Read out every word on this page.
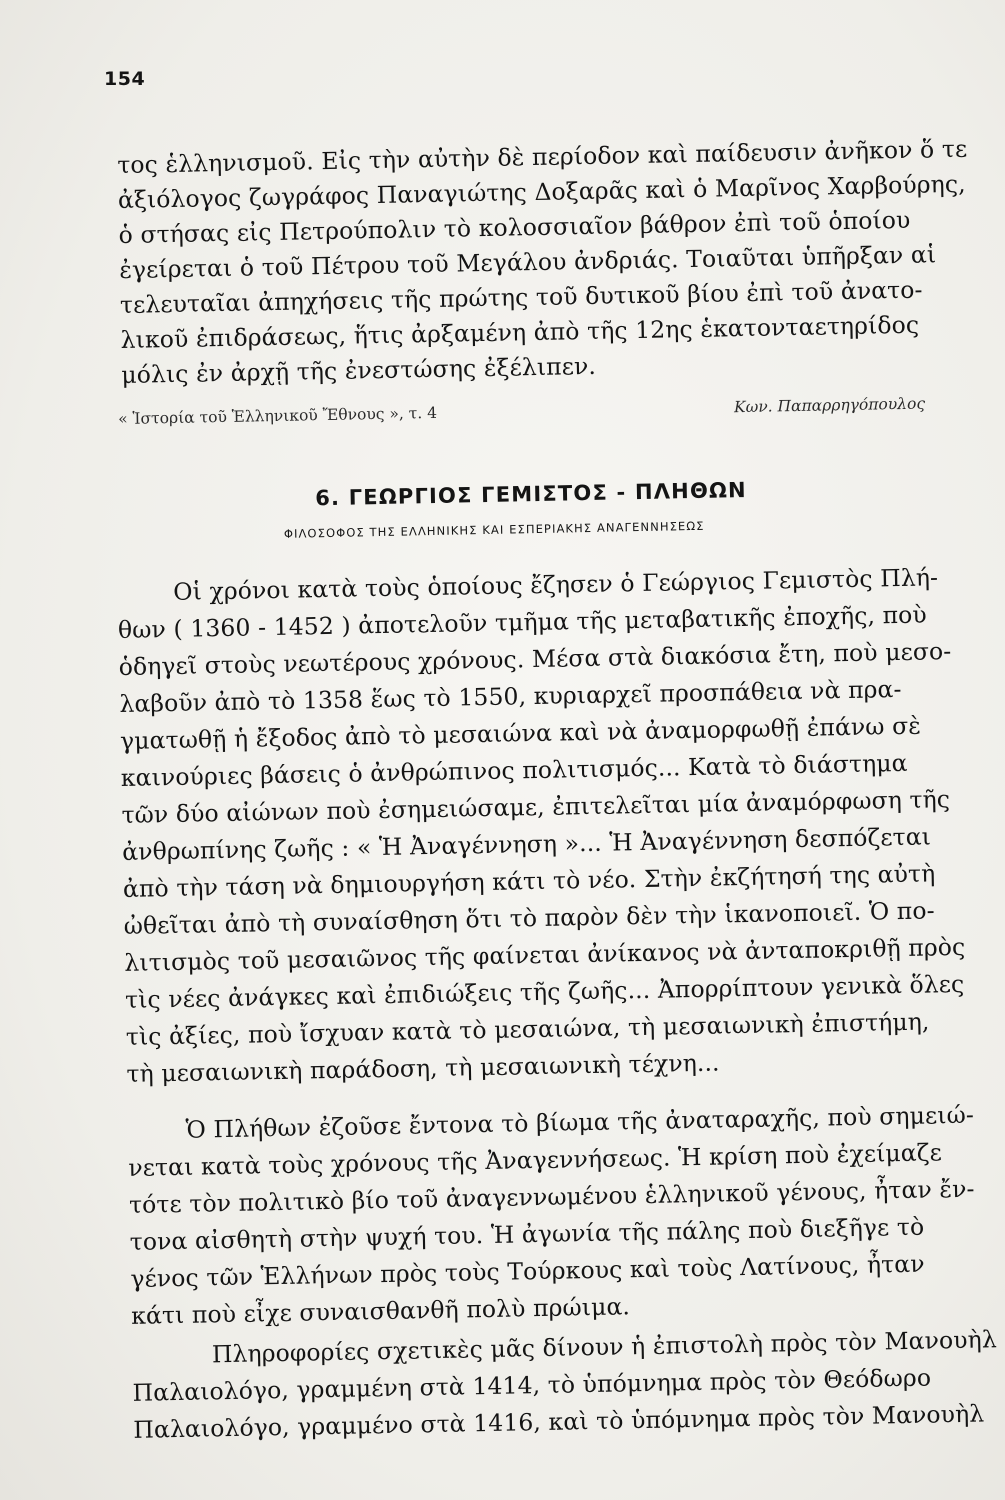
154
τος ἑλληνισμοῦ. Εἰς τὴν αὐτὴν δὲ περίοδον καὶ παίδευσιν ἀνῆκον ὅ τε
ἀξιόλογος ζωγράφος Παναγιώτης Δοξαρᾶς καὶ ὁ Μαρῖνος Χαρβούρης,
ὁ στήσας εἰς Πετρούπολιν τὸ κολοσσιαῖον βάθρον ἐπὶ τοῦ ὁποίου
ἐγείρεται ὁ τοῦ Πέτρου τοῦ Μεγάλου ἀνδριάς. Τοιαῦται ὑπῆρξαν αἱ
τελευταῖαι ἀπηχήσεις τῆς πρώτης τοῦ δυτικοῦ βίου ἐπὶ τοῦ ἀνατο-
λικοῦ ἐπιδράσεως, ἥτις ἀρξαμένη ἀπὸ τῆς 12ης ἑκατονταετηρίδος
μόλις ἐν ἀρχῇ τῆς ἐνεστώσης ἐξέλιπεν.
« Ἱστορία τοῦ Ἑλληνικοῦ Ἔθνους », τ. 4	Κων. Παπαρρηγόπουλος
6. ΓΕΩΡΓΙΟΣ ΓΕΜΙΣΤΟΣ - ΠΛΗΘΩΝ
ΦΙΛΟΣΟΦΟΣ ΤΗΣ ΕΛΛΗΝΙΚΗΣ ΚΑΙ ΕΣΠΕΡΙΑΚΗΣ ΑΝΑΓΕΝΝΗΣΕΩΣ
Οἱ χρόνοι κατὰ τοὺς ὁποίους ἔζησεν ὁ Γεώργιος Γεμιστὸς Πλή-
θων ( 1360 - 1452 ) ἀποτελοῦν τμῆμα τῆς μεταβατικῆς ἐποχῆς, ποὺ
ὁδηγεῖ στοὺς νεωτέρους χρόνους. Μέσα στὰ διακόσια ἔτη, ποὺ μεσο-
λαβοῦν ἀπὸ τὸ 1358 ἕως τὸ 1550, κυριαρχεῖ προσπάθεια νὰ πρα-
γματωθῇ ἡ ἔξοδος ἀπὸ τὸ μεσαιώνα καὶ νὰ ἀναμορφωθῇ ἐπάνω σὲ
καινούριες βάσεις ὁ ἀνθρώπινος πολιτισμός... Κατὰ τὸ διάστημα
τῶν δύο αἰώνων ποὺ ἐσημειώσαμε, ἐπιτελεῖται μία ἀναμόρφωση τῆς
ἀνθρωπίνης ζωῆς : « Ἡ Ἀναγέννηση »... Ἡ Ἀναγέννηση δεσπόζεται
ἀπὸ τὴν τάση νὰ δημιουργήση κάτι τὸ νέο. Στὴν ἐκζήτησή της αὐτὴ
ὠθεῖται ἀπὸ τὴ συναίσθηση ὅτι τὸ παρὸν δὲν τὴν ἱκανοποιεῖ. Ὁ πο-
λιτισμὸς τοῦ μεσαιῶνος τῆς φαίνεται ἀνίκανος νὰ ἀνταποκριθῇ πρὸς
τὶς νέες ἀνάγκες καὶ ἐπιδιώξεις τῆς ζωῆς... Ἀπορρίπτουν γενικὰ ὅλες
τὶς ἀξίες, ποὺ ἴσχυαν κατὰ τὸ μεσαιώνα, τὴ μεσαιωνικὴ ἐπιστήμη,
τὴ μεσαιωνικὴ παράδοση, τὴ μεσαιωνικὴ τέχνη...
Ὁ Πλήθων ἐζοῦσε ἔντονα τὸ βίωμα τῆς ἀναταραχῆς, ποὺ σημειώ-
νεται κατὰ τοὺς χρόνους τῆς Ἀναγεννήσεως. Ἡ κρίση ποὺ ἐχείμαζε
τότε τὸν πολιτικὸ βίο τοῦ ἀναγεννωμένου ἑλληνικοῦ γένους, ἦταν ἔν-
τονα αἰσθητὴ στὴν ψυχή του. Ἡ ἀγωνία τῆς πάλης ποὺ διεξῆγε τὸ
γένος τῶν Ἑλλήνων πρὸς τοὺς Τούρκους καὶ τοὺς Λατίνους, ἦταν
κάτι ποὺ εἶχε συναισθανθῆ πολὺ πρώιμα.
Πληροφορίες σχετικὲς μᾶς δίνουν ἡ ἐπιστολὴ πρὸς τὸν Μανουὴλ
Παλαιολόγο, γραμμένη στὰ 1414, τὸ ὑπόμνημα πρὸς τὸν Θεόδωρο
Παλαιολόγο, γραμμένο στὰ 1416, καὶ τὸ ὑπόμνημα πρὸς τὸν Μανουὴλ
